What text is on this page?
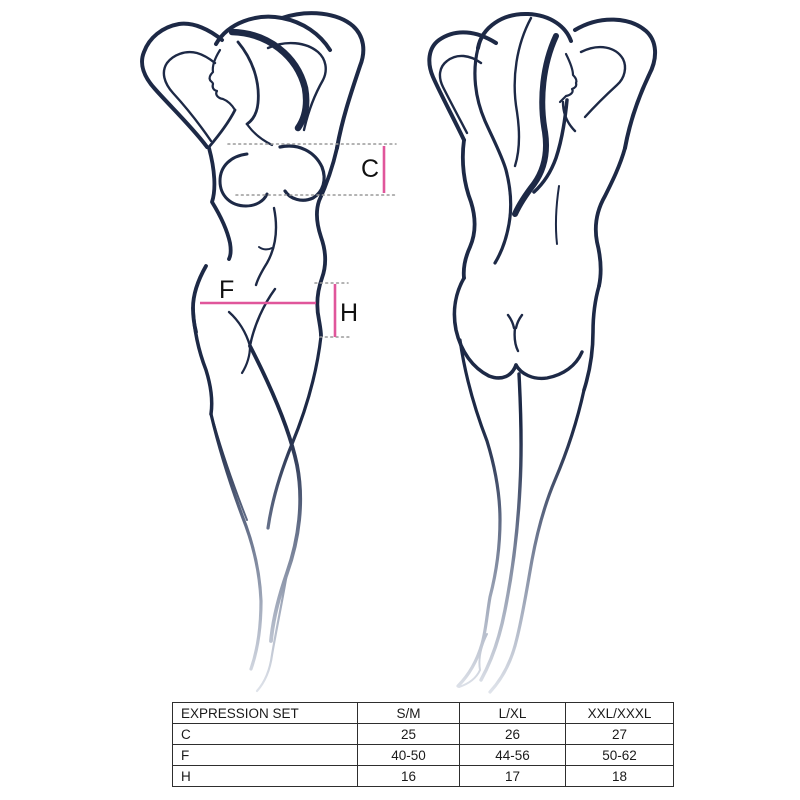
C
F
H
EXPRESSION SET	S/M	L/XL	XXL/XXXL
C	25	26	27
F	40-50	44-56	50-62
H	16	17	18
